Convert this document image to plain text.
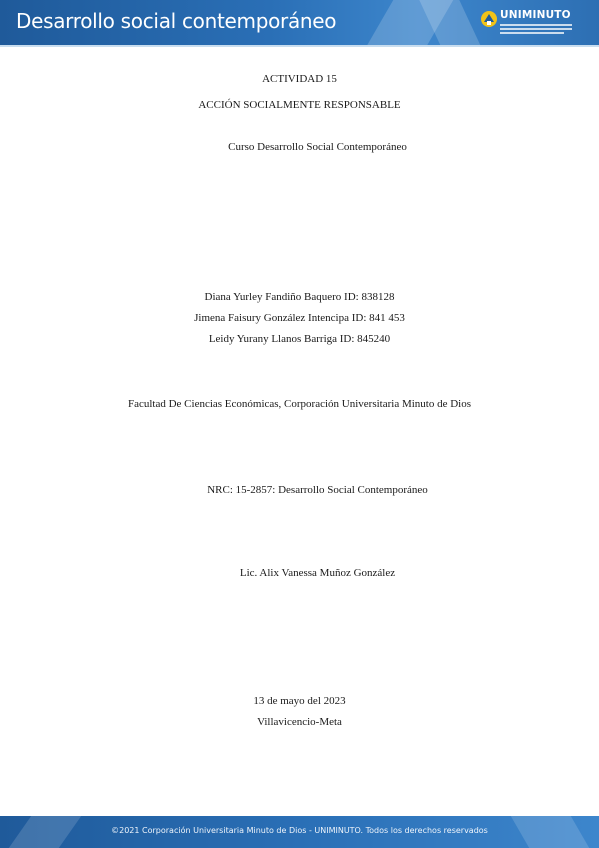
Desarrollo social contemporáneo	UNIMINUTO
ACTIVIDAD 15
ACCIÓN SOCIALMENTE RESPONSABLE
Curso Desarrollo Social Contemporáneo
Diana Yurley Fandiño Baquero ID: 838128
Jimena Faisury González Intencipa ID: 841 453
Leidy Yurany Llanos Barriga ID: 845240
Facultad De Ciencias Económicas, Corporación Universitaria Minuto de Dios
NRC: 15-2857: Desarrollo Social Contemporáneo
Lic. Alix Vanessa Muñoz González
13 de mayo del 2023
Villavicencio-Meta
©2021 Corporación Universitaria Minuto de Dios - UNIMINUTO. Todos los derechos reservados
